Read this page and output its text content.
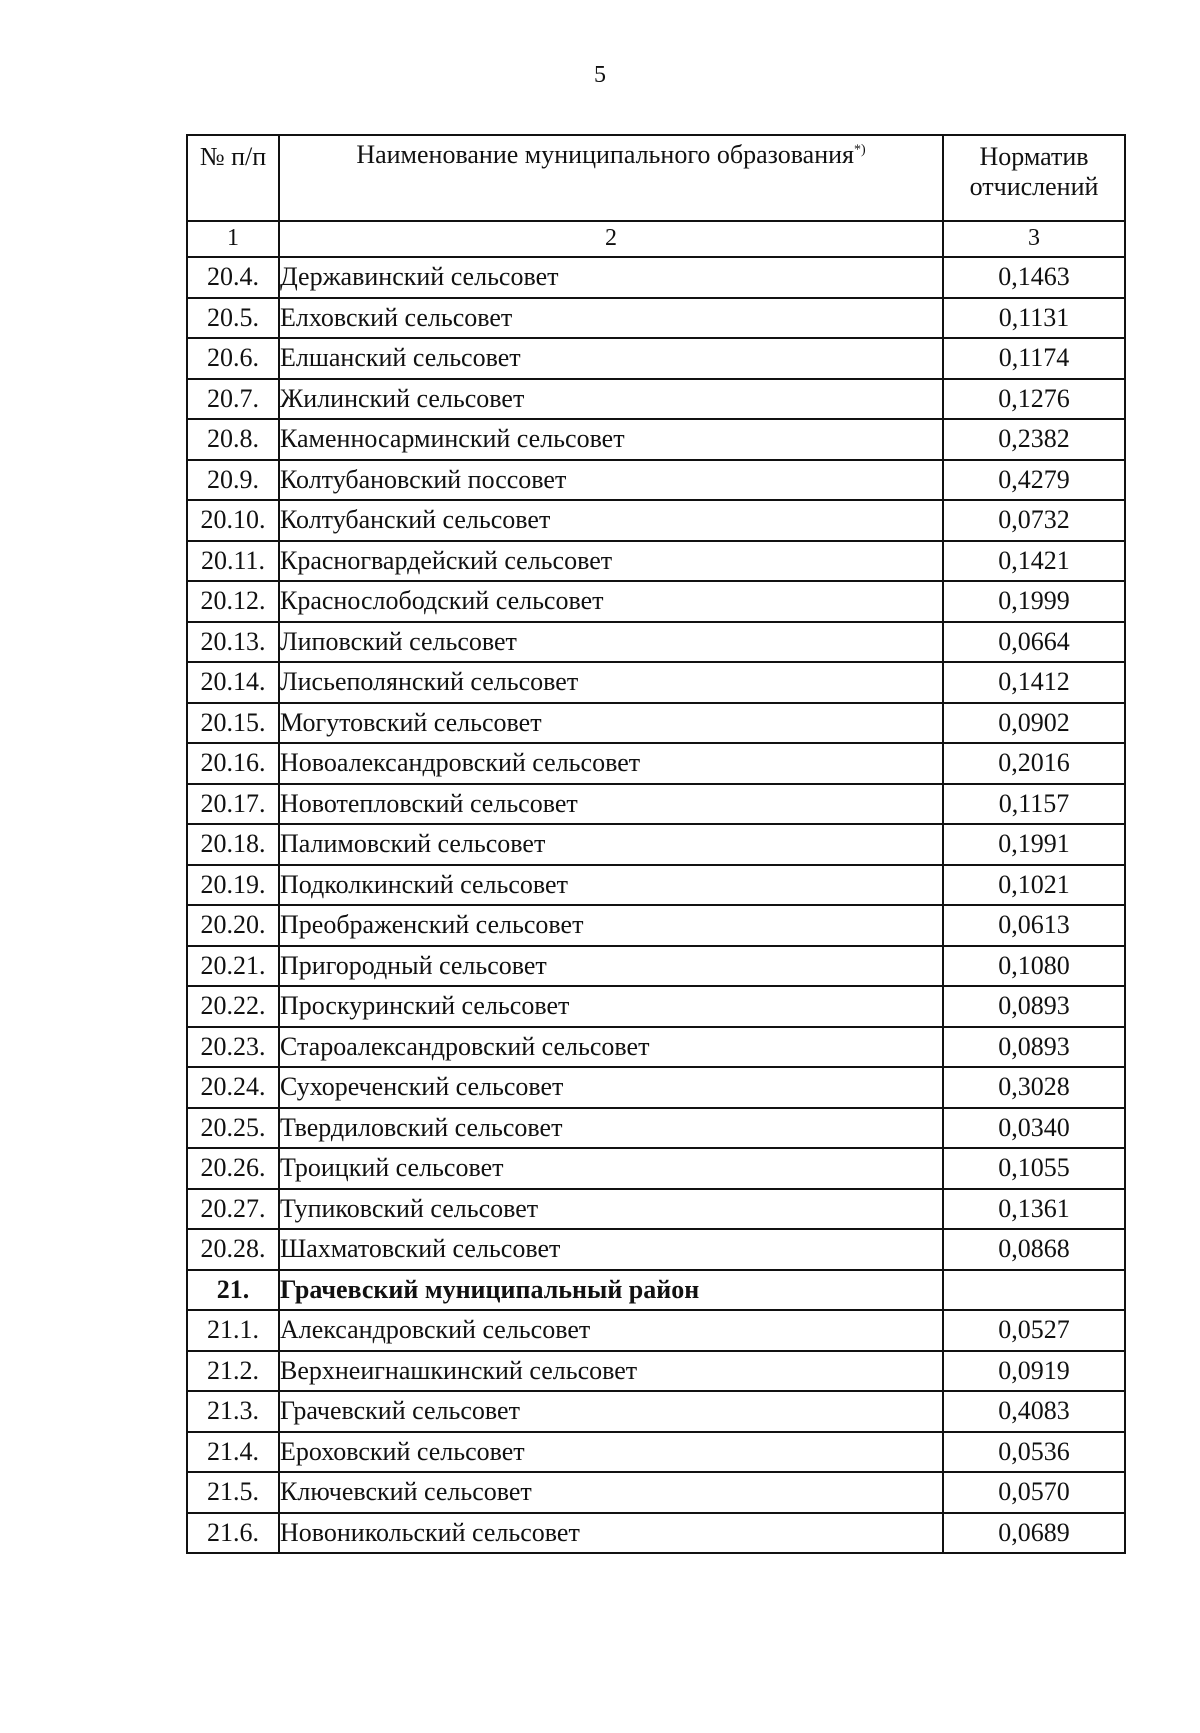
5
№ п/п	Наименование муниципального образования*)	Норматив отчислений
1	2	3
20.4.	Державинский сельсовет	0,1463
20.5.	Елховский сельсовет	0,1131
20.6.	Елшанский сельсовет	0,1174
20.7.	Жилинский сельсовет	0,1276
20.8.	Каменносарминский сельсовет	0,2382
20.9.	Колтубановский поссовет	0,4279
20.10.	Колтубанский сельсовет	0,0732
20.11.	Красногвардейский сельсовет	0,1421
20.12.	Краснослободский сельсовет	0,1999
20.13.	Липовский сельсовет	0,0664
20.14.	Лисьеполянский сельсовет	0,1412
20.15.	Могутовский сельсовет	0,0902
20.16.	Новоалександровский сельсовет	0,2016
20.17.	Новотепловский сельсовет	0,1157
20.18.	Палимовский сельсовет	0,1991
20.19.	Подколкинский сельсовет	0,1021
20.20.	Преображенский сельсовет	0,0613
20.21.	Пригородный сельсовет	0,1080
20.22.	Проскуринский сельсовет	0,0893
20.23.	Староалександровский сельсовет	0,0893
20.24.	Сухореченский сельсовет	0,3028
20.25.	Твердиловский сельсовет	0,0340
20.26.	Троицкий сельсовет	0,1055
20.27.	Тупиковский сельсовет	0,1361
20.28.	Шахматовский сельсовет	0,0868
21.	Грачевский муниципальный район	
21.1.	Александровский сельсовет	0,0527
21.2.	Верхнеигнашкинский сельсовет	0,0919
21.3.	Грачевский сельсовет	0,4083
21.4.	Ероховский сельсовет	0,0536
21.5.	Ключевский сельсовет	0,0570
21.6.	Новоникольский сельсовет	0,0689
